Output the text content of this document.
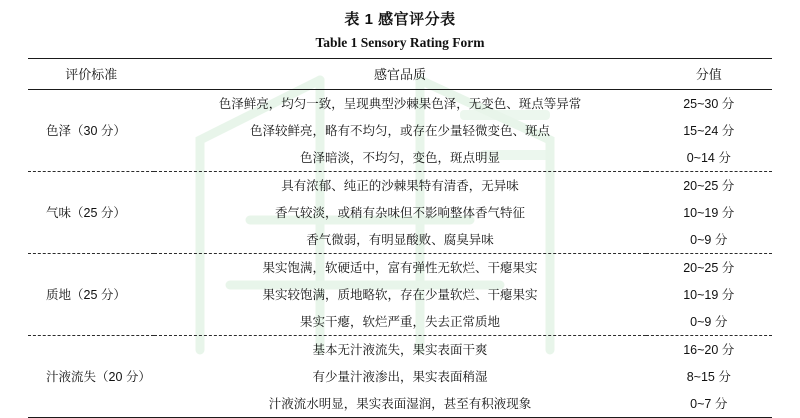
表 1 感官评分表
Table 1 Sensory Rating Form
评价标准	感官品质	分值
色泽（30 分）	色泽鲜亮，均匀一致，呈现典型沙棘果色泽，无变色、斑点等异常	25~30 分
	色泽较鲜亮，略有不均匀，或存在少量轻微变色、斑点	15~24 分
	色泽暗淡，不均匀，变色，斑点明显	0~14 分
气味（25 分）	具有浓郁、纯正的沙棘果特有清香，无异味	20~25 分
	香气较淡，或稍有杂味但不影响整体香气特征	10~19 分
	香气微弱，有明显酸败、腐臭异味	0~9 分
质地（25 分）	果实饱满，软硬适中，富有弹性无软烂、干瘪果实	20~25 分
	果实较饱满，质地略软，存在少量软烂、干瘪果实	10~19 分
	果实干瘪，软烂严重，失去正常质地	0~9 分
汁液流失（20 分）	基本无汁液流失，果实表面干爽	16~20 分
	有少量汁液渗出，果实表面稍湿	8~15 分
	汁液流水明显，果实表面湿润，甚至有积液现象	0~7 分
